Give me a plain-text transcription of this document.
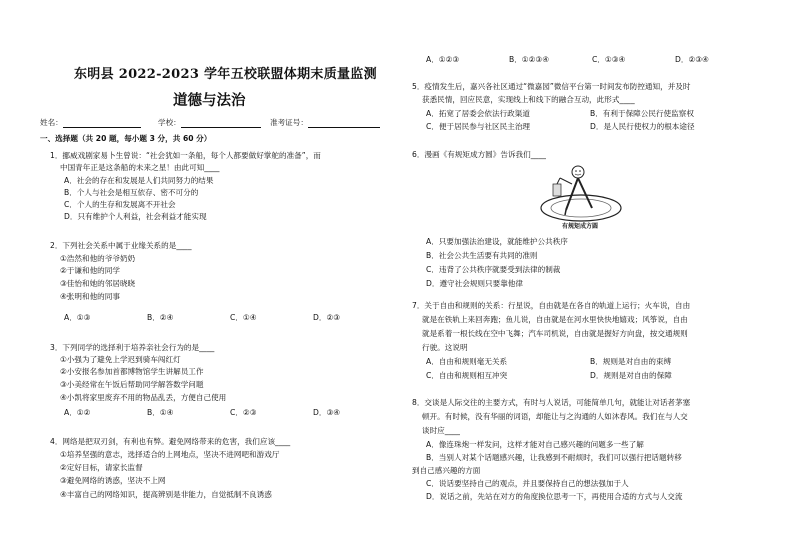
东明县 2022-2023 学年五校联盟体期末质量监测
道德与法治
姓名：	学校：	准考证号：
一、选择题（共 20 题，每小题 3 分，共 60 分）
1．挪威戏剧家易卜生曾说：“社会犹如一条船，每个人都要做好掌舵的准备”，而
中国青年正是这条船的未来之星！由此可知____
A．社会的存在和发展是人们共同努力的结果
B．个人与社会是相互依存、密不可分的
C．个人的生存和发展离不开社会
D．只有维护个人利益，社会利益才能实现
2．下列社会关系中属于业缘关系的是____
①浩然和他的爷爷奶奶
②于谦和他的同学
③佳怡和她的邻居晓晓
④张明和他的同事
A．①③	B．②④	C．①④	D．②③
3．下列同学的选择利于培养亲社会行为的是____
①小强为了避免上学迟到骑车闯红灯
②小安报名参加首都博物馆学生讲解员工作
③小美经常在午饭后帮助同学解答数学问题
④小凯将家里废弃不用的物品乱丢，方便自己使用
A．①②	B．①④	C．②③	D．③④
4．网络是把双刃剑，有利也有弊。避免网络带来的危害，我们应该____
①培养坚强的意志，选择适合的上网地点，坚决不进网吧和游戏厅
②定好目标，请家长监督
③避免网络的诱惑，坚决不上网
④丰富自己的网络知识，提高辨别是非能力，自觉抵制不良诱惑
A．①②③	B．①②③④	C．①③④	D．②③④
5．疫情发生后，嘉兴各社区通过“微嘉园”微信平台第一时间发布防控通知，并及时
获悉民情，回应民意，实现线上和线下的融合互动，此形式____
A．拓宽了居委会依法行政渠道	B．有利于保障公民行使监察权
C．便于居民参与社区民主治理	D．是人民行使权力的根本途径
6．漫画《有规矩成方圆》告诉我们____
有规矩成方圆
A．只要加强法治建设，就能维护公共秩序
B．社会公共生活要有共同的准则
C．违背了公共秩序就要受到法律的制裁
D．遵守社会规则只要靠他律
7．关于自由和规则的关系：行星说，自由就是在各自的轨道上运行；火车说，自由
就是在铁轨上来回奔跑；鱼儿说，自由就是在河水里快快地嬉戏；风筝说，自由
就是系着一根长线在空中飞舞；汽车司机说，自由就是握好方向盘，按交通规则
行驶。这说明
A．自由和规则毫无关系	B．规则是对自由的束缚
C．自由和规则相互冲突	D．规则是对自由的保障
8．交谈是人际交往的主要方式，有时与人说话，可能简单几句，就能让对话者茅塞
顿开。有时候，没有华丽的词语，却能让与之沟通的人如沐春风。我们在与人交
谈时应____
A．像连珠炮一样发问，这样才能对自己感兴趣的问题多一些了解
B．当别人对某个话题感兴趣，让我感到不耐烦时，我们可以强行把话题转移
到自己感兴趣的方面
C．说话要坚持自己的观点，并且要保持自己的想法强加于人
D．说话之前，先站在对方的角度换位思考一下，再使用合适的方式与人交流
